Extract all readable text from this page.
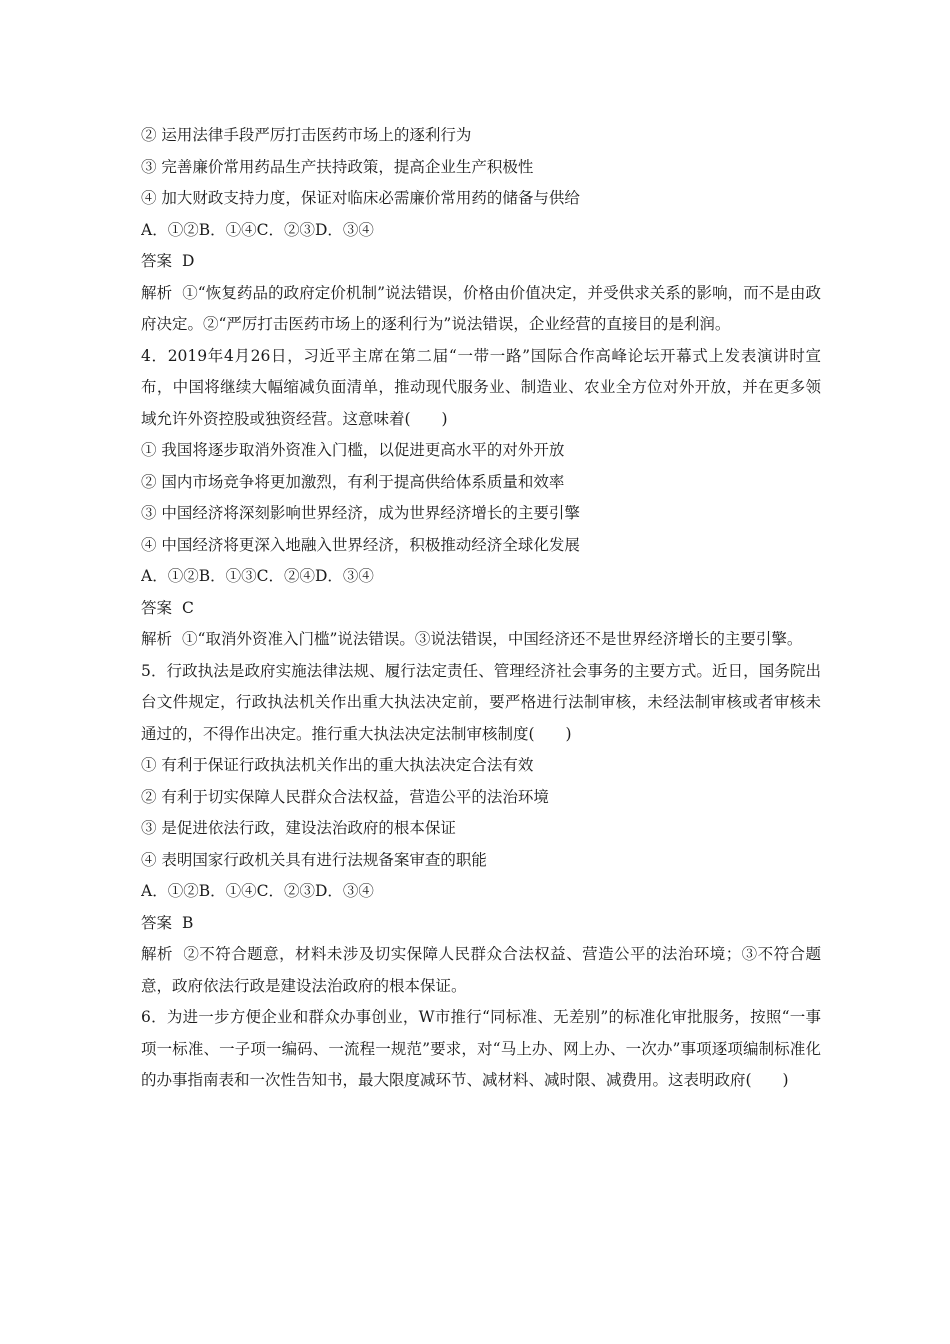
② 运用法律手段严厉打击医药市场上的逐利行为
③ 完善廉价常用药品生产扶持政策，提高企业生产积极性
④ 加大财政支持力度，保证对临床必需廉价常用药的储备与供给
A．①②B．①④C．②③D．③④
答案 D
解析 ①“恢复药品的政府定价机制”说法错误，价格由价值决定，并受供求关系的影响，而不是由政府决定。②“严厉打击医药市场上的逐利行为”说法错误，企业经营的直接目的是利润。
4．2019年4月26日，习近平主席在第二届“一带一路”国际合作高峰论坛开幕式上发表演讲时宣布，中国将继续大幅缩减负面清单，推动现代服务业、制造业、农业全方位对外开放，并在更多领域允许外资控股或独资经营。这意味着(　　)
① 我国将逐步取消外资准入门槛，以促进更高水平的对外开放
② 国内市场竞争将更加激烈，有利于提高供给体系质量和效率
③ 中国经济将深刻影响世界经济，成为世界经济增长的主要引擎
④ 中国经济将更深入地融入世界经济，积极推动经济全球化发展
A．①②B．①③C．②④D．③④
答案 C
解析 ①“取消外资准入门槛”说法错误。③说法错误，中国经济还不是世界经济增长的主要引擎。
5．行政执法是政府实施法律法规、履行法定责任、管理经济社会事务的主要方式。近日，国务院出台文件规定，行政执法机关作出重大执法决定前，要严格进行法制审核，未经法制审核或者审核未通过的，不得作出决定。推行重大执法决定法制审核制度(　　)
① 有利于保证行政执法机关作出的重大执法决定合法有效
② 有利于切实保障人民群众合法权益，营造公平的法治环境
③ 是促进依法行政，建设法治政府的根本保证
④ 表明国家行政机关具有进行法规备案审查的职能
A．①②B．①④C．②③D．③④
答案 B
解析 ②不符合题意，材料未涉及切实保障人民群众合法权益、营造公平的法治环境；③不符合题意，政府依法行政是建设法治政府的根本保证。
6．为进一步方便企业和群众办事创业，W市推行“同标准、无差别”的标准化审批服务，按照“一事项一标准、一子项一编码、一流程一规范”要求，对“马上办、网上办、一次办”事项逐项编制标准化的办事指南表和一次性告知书，最大限度减环节、减材料、减时限、减费用。这表明政府(　　)
